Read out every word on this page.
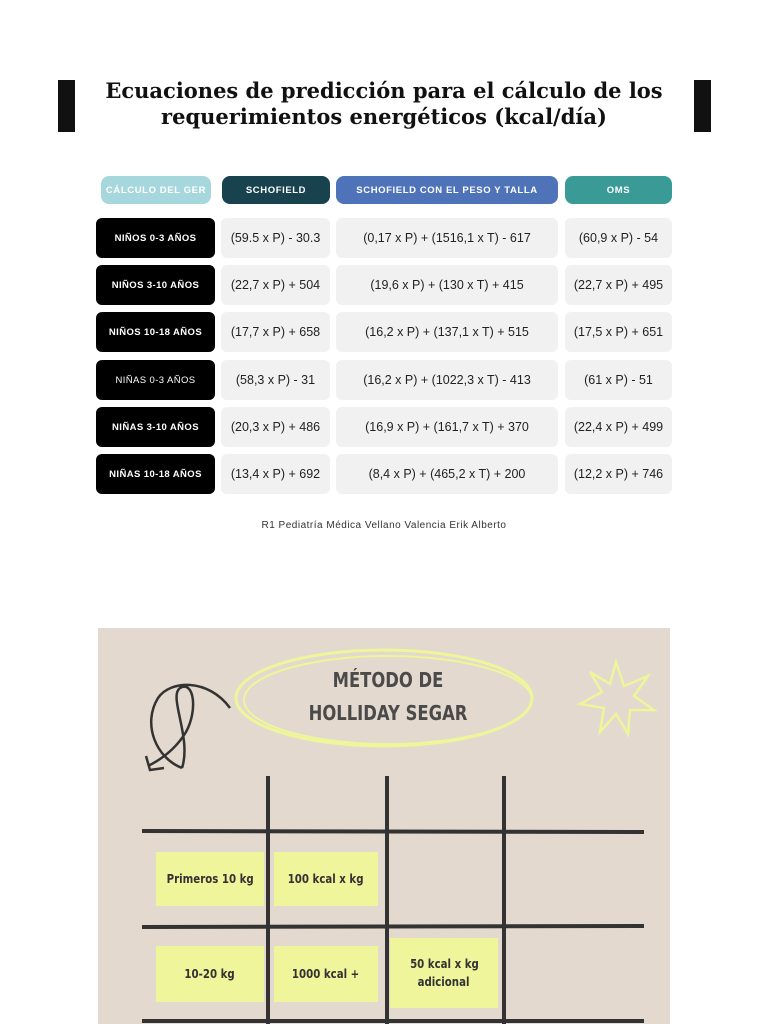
Ecuaciones de predicción para el cálculo de los
requerimientos energéticos (kcal/día)
CÁLCULO DEL GER	SCHOFIELD	SCHOFIELD CON EL PESO Y TALLA	OMS
NIÑOS 0-3 AÑOS	(59.5 x P) - 30.3	(0,17 x P) + (1516,1 x T) - 617	(60,9 x P) - 54
NIÑOS 3-10 AÑOS	(22,7 x P) + 504	(19,6 x P) + (130 x T) + 415	(22,7 x P) + 495
NIÑOS 10-18 AÑOS	(17,7 x P) + 658	(16,2 x P) + (137,1 x T) + 515	(17,5 x P) + 651
NIÑAS 0-3 AÑOS	(58,3 x P) - 31	(16,2 x P) + (1022,3 x T) - 413	(61 x P) - 51
NIÑAS 3-10 AÑOS	(20,3 x P) + 486	(16,9 x P) + (161,7 x T) + 370	(22,4 x P) + 499
NIÑAS 10-18 AÑOS	(13,4 x P) + 692	(8,4 x P) + (465,2 x T) + 200	(12,2 x P) + 746
R1 Pediatría Médica Vellano Valencia Erik Alberto
MÉTODO DE
HOLLIDAY SEGAR
Primeros 10 kg	100 kcal x kg
10-20 kg	1000 kcal +
50 kcal x kg
adicional
